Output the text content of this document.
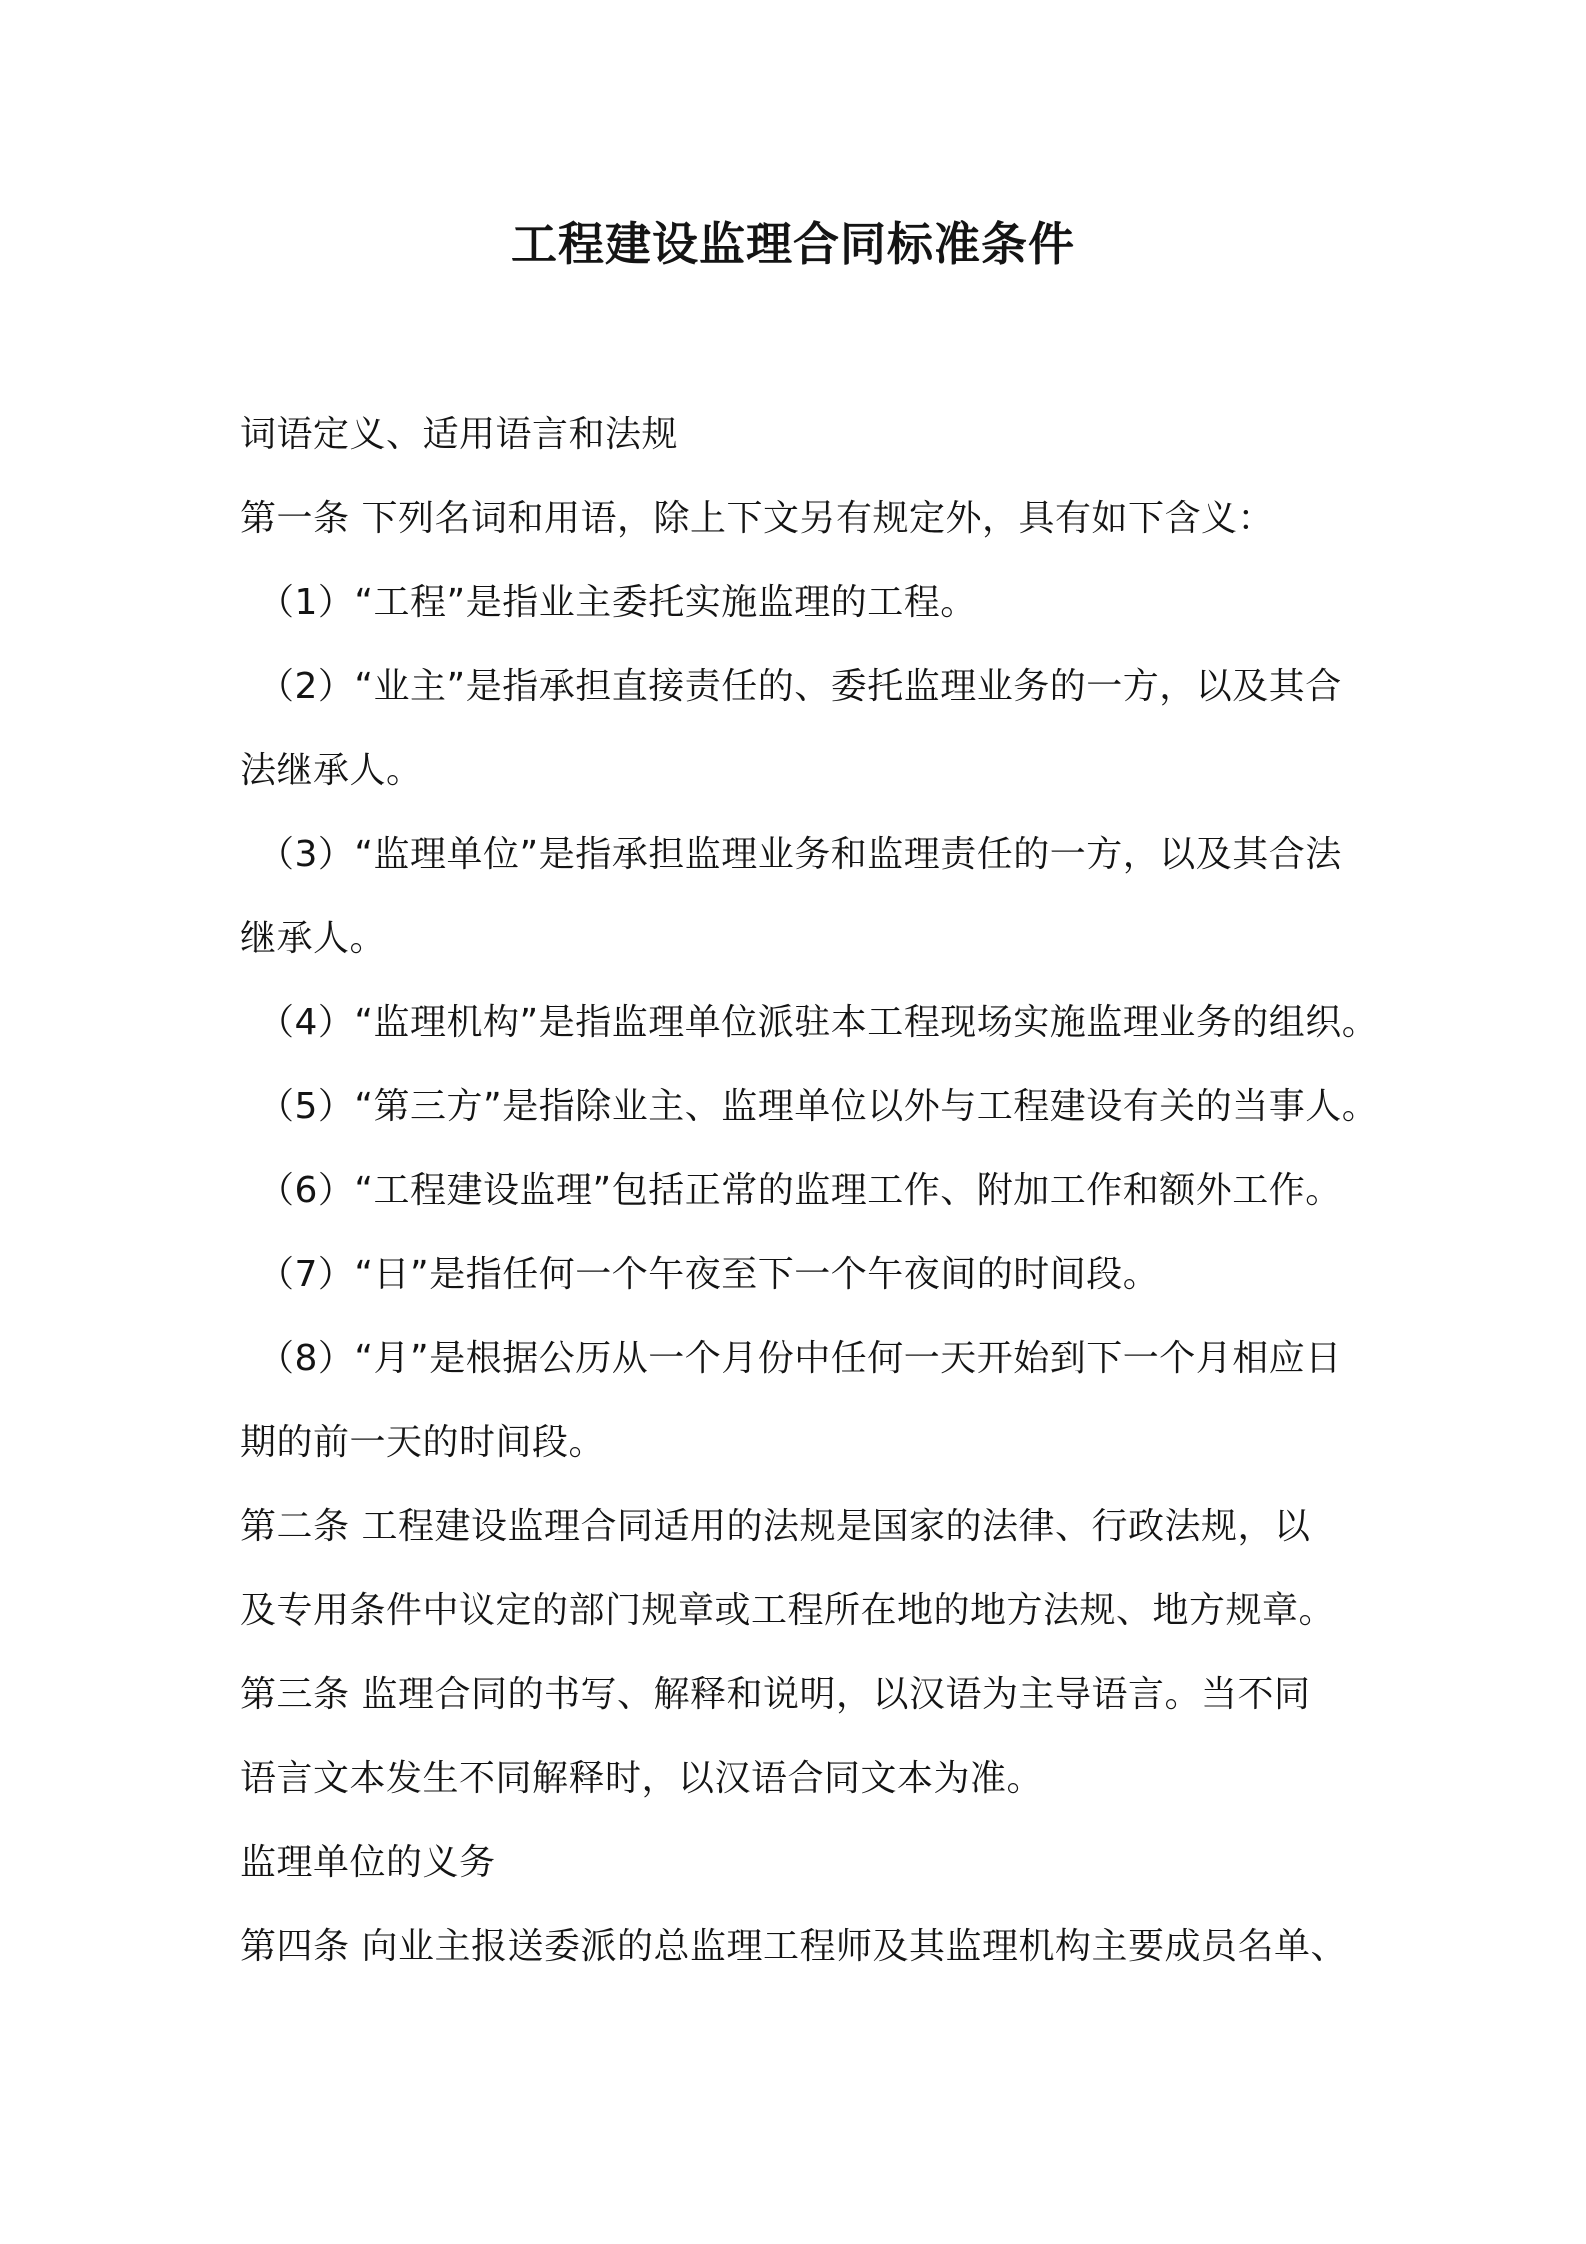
工程建设监理合同标准条件
词语定义、适用语言和法规
第一条 下列名词和用语，除上下文另有规定外，具有如下含义：
（1）“工程”是指业主委托实施监理的工程。
（2）“业主”是指承担直接责任的、委托监理业务的一方，以及其合
法继承人。
（3）“监理单位”是指承担监理业务和监理责任的一方，以及其合法
继承人。
（4）“监理机构”是指监理单位派驻本工程现场实施监理业务的组织。
（5）“第三方”是指除业主、监理单位以外与工程建设有关的当事人。
（6）“工程建设监理”包括正常的监理工作、附加工作和额外工作。
（7）“日”是指任何一个午夜至下一个午夜间的时间段。
（8）“月”是根据公历从一个月份中任何一天开始到下一个月相应日
期的前一天的时间段。
第二条 工程建设监理合同适用的法规是国家的法律、行政法规，以
及专用条件中议定的部门规章或工程所在地的地方法规、地方规章。
第三条 监理合同的书写、解释和说明，以汉语为主导语言。当不同
语言文本发生不同解释时，以汉语合同文本为准。
监理单位的义务
第四条 向业主报送委派的总监理工程师及其监理机构主要成员名单、
